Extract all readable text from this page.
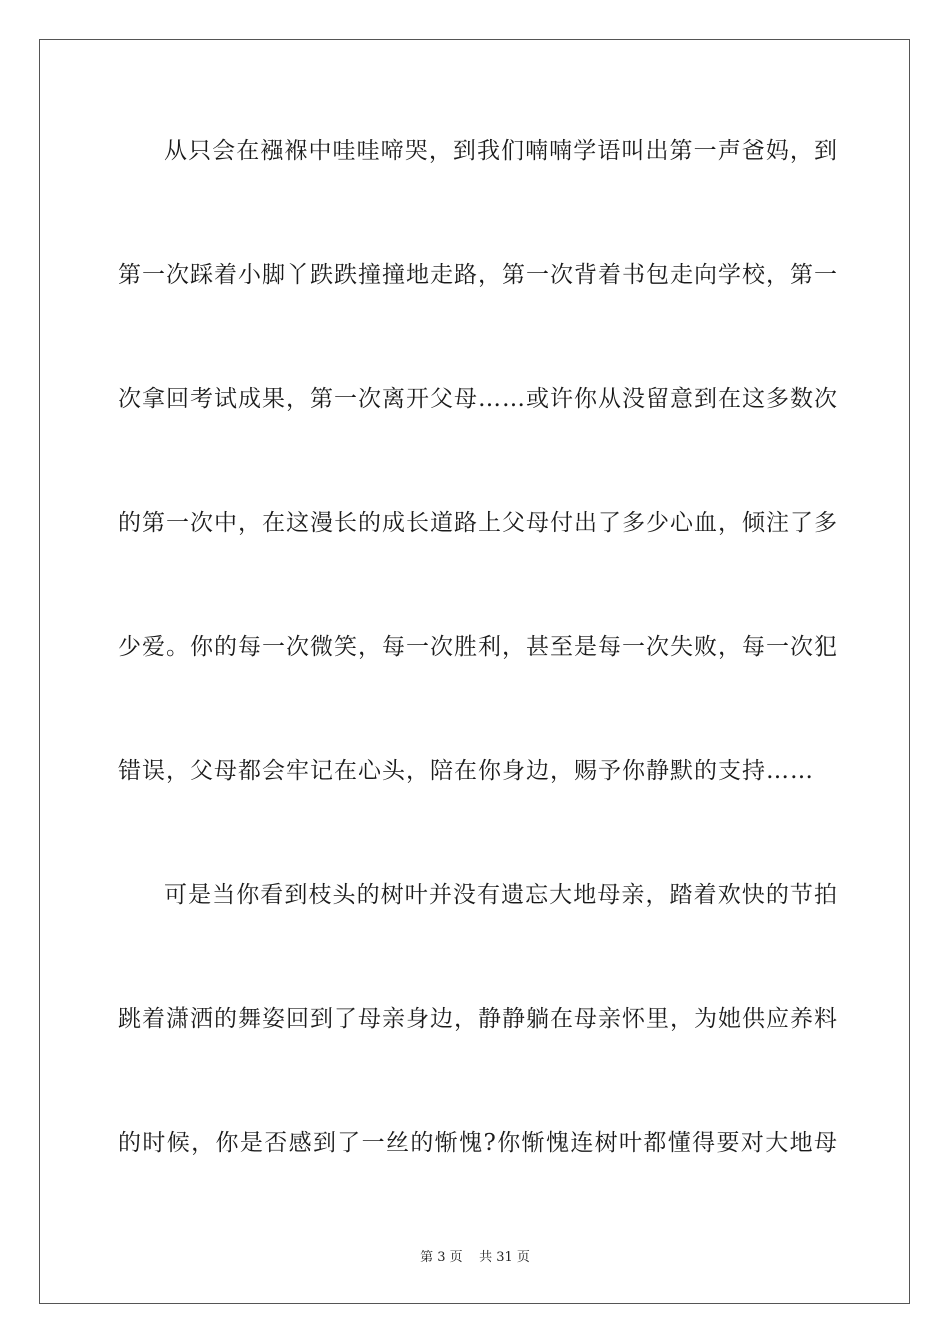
从只会在襁褓中哇哇啼哭，到我们喃喃学语叫出第一声爸妈，到
第一次踩着小脚丫跌跌撞撞地走路，第一次背着书包走向学校，第一
次拿回考试成果，第一次离开父母……或许你从没留意到在这多数次
的第一次中，在这漫长的成长道路上父母付出了多少心血，倾注了多
少爱。你的每一次微笑，每一次胜利，甚至是每一次失败，每一次犯
错误，父母都会牢记在心头，陪在你身边，赐予你静默的支持……
可是当你看到枝头的树叶并没有遗忘大地母亲，踏着欢快的节拍
跳着潇洒的舞姿回到了母亲身边，静静躺在母亲怀里，为她供应养料
的时候，你是否感到了一丝的惭愧?你惭愧连树叶都懂得要对大地母
第 3 页    共 31 页
